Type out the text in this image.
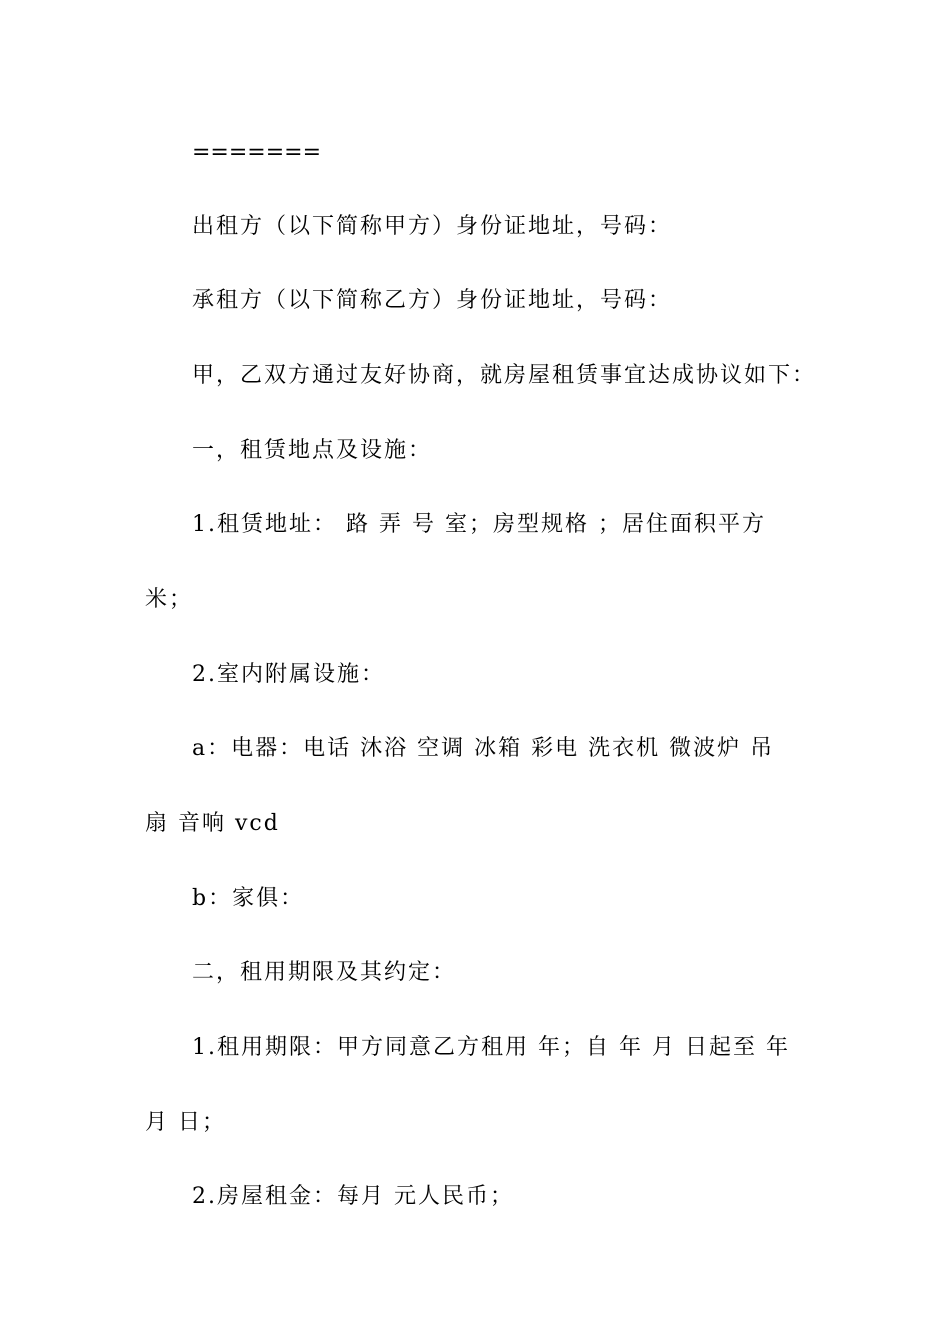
=======
出租方（以下简称甲方）身份证地址，号码：
承租方（以下简称乙方）身份证地址，号码：
甲，乙双方通过友好协商，就房屋租赁事宜达成协议如下：
一，租赁地点及设施：
1.租赁地址： 路 弄 号 室；房型规格 ；居住面积平方
米；
2.室内附属设施：
a：电器：电话 沐浴 空调 冰箱 彩电 洗衣机 微波炉 吊
扇 音响 vcd
b：家俱：
二，租用期限及其约定：
1.租用期限：甲方同意乙方租用 年；自 年 月 日起至 年
月 日；
2.房屋租金：每月 元人民币；
